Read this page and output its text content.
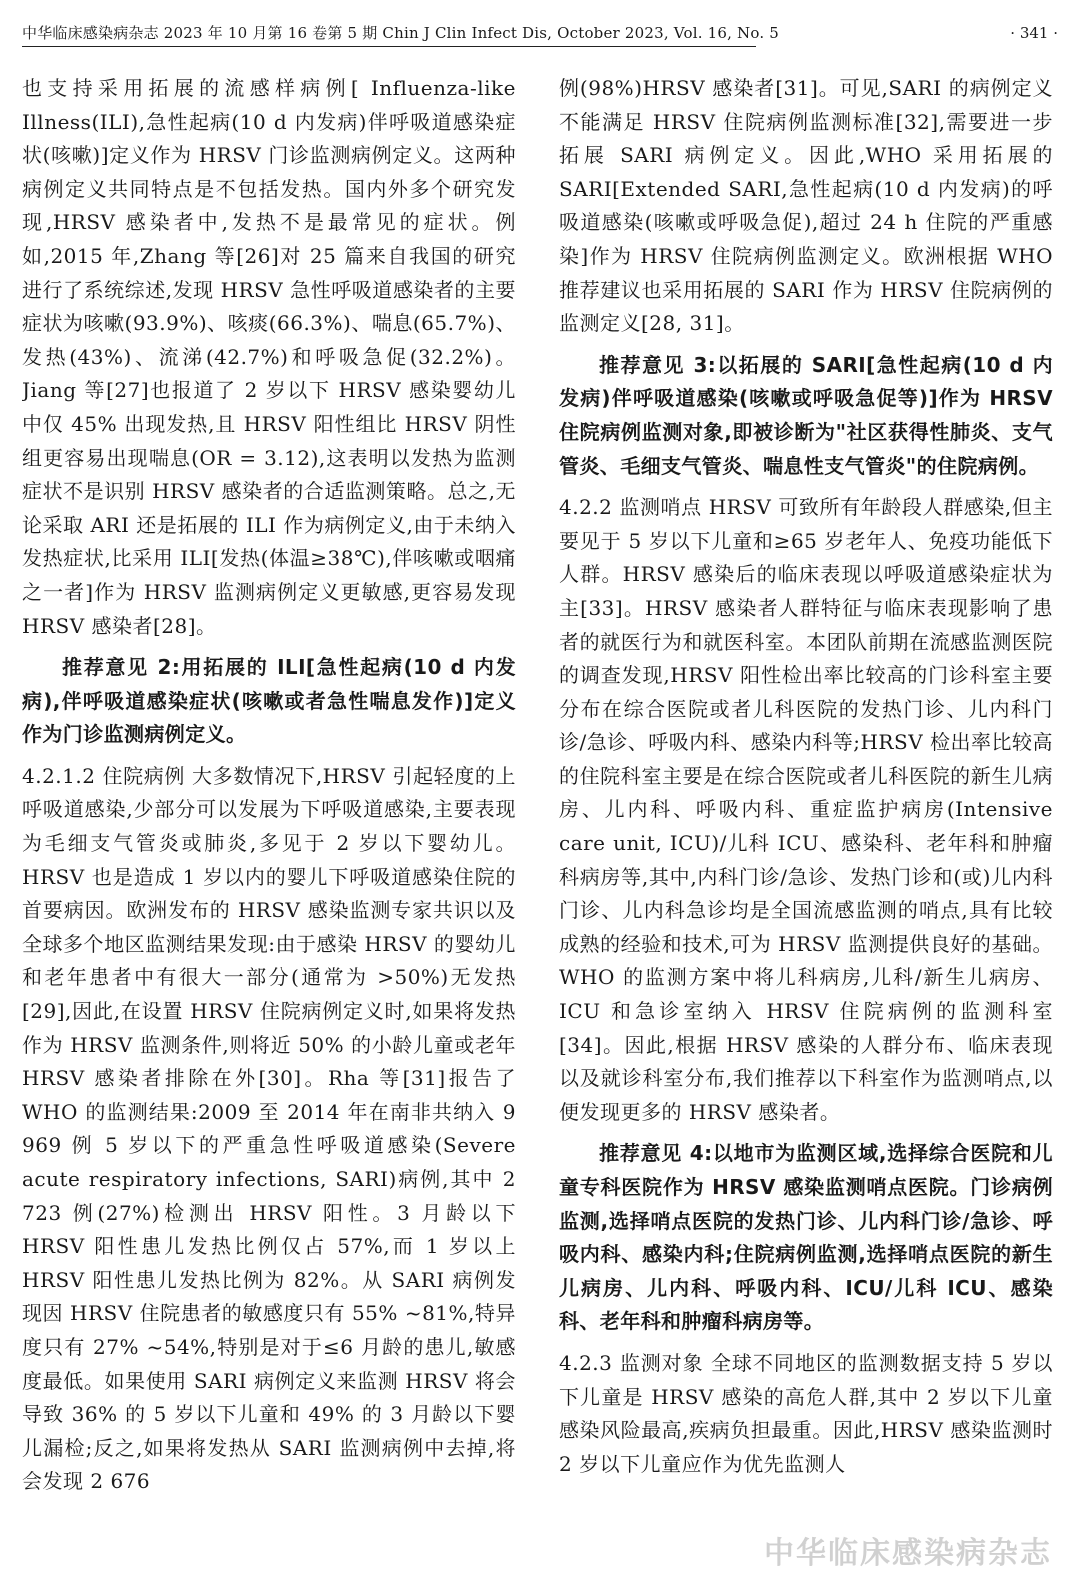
中华临床感染病杂志 2023 年 10 月第 16 卷第 5 期 Chin J Clin Infect Dis, October 2023, Vol. 16, No. 5	· 341 ·

也支持采用拓展的流感样病例[ Influenza-like Illness(ILI),急性起病(10 d 内发病)伴呼吸道感染症状(咳嗽)]定义作为 HRSV 门诊监测病例定义。这两种病例定义共同特点是不包括发热。国内外多个研究发现,HRSV 感染者中,发热不是最常见的症状。例如,2015 年,Zhang 等[26]对 25 篇来自我国的研究进行了系统综述,发现 HRSV 急性呼吸道感染者的主要症状为咳嗽(93.9%)、咳痰(66.3%)、喘息(65.7%)、发热(43%)、流涕(42.7%)和呼吸急促(32.2%)。Jiang 等[27]也报道了 2 岁以下 HRSV 感染婴幼儿中仅 45% 出现发热,且 HRSV 阳性组比 HRSV 阴性组更容易出现喘息(OR = 3.12),这表明以发热为监测症状不是识别 HRSV 感染者的合适监测策略。总之,无论采取 ARI 还是拓展的 ILI 作为病例定义,由于未纳入发热症状,比采用 ILI[发热(体温≥38℃),伴咳嗽或咽痛之一者]作为 HRSV 监测病例定义更敏感,更容易发现 HRSV 感染者[28]。

推荐意见 2:用拓展的 ILI[急性起病(10 d 内发病),伴呼吸道感染症状(咳嗽或者急性喘息发作)]定义作为门诊监测病例定义。

4.2.1.2 住院病例 大多数情况下,HRSV 引起轻度的上呼吸道感染,少部分可以发展为下呼吸道感染,主要表现为毛细支气管炎或肺炎,多见于 2 岁以下婴幼儿。HRSV 也是造成 1 岁以内的婴儿下呼吸道感染住院的首要病因。欧洲发布的 HRSV 感染监测专家共识以及全球多个地区监测结果发现:由于感染 HRSV 的婴幼儿和老年患者中有很大一部分(通常为 >50%)无发热[29],因此,在设置 HRSV 住院病例定义时,如果将发热作为 HRSV 监测条件,则将近 50% 的小龄儿童或老年 HRSV 感染者排除在外[30]。Rha 等[31]报告了 WHO 的监测结果:2009 至 2014 年在南非共纳入 9 969 例 5 岁以下的严重急性呼吸道感染(Severe acute respiratory infections, SARI)病例,其中 2 723 例(27%)检测出 HRSV 阳性。3 月龄以下 HRSV 阳性患儿发热比例仅占 57%,而 1 岁以上 HRSV 阳性患儿发热比例为 82%。从 SARI 病例发现因 HRSV 住院患者的敏感度只有 55% ~81%,特异度只有 27% ~54%,特别是对于≤6 月龄的患儿,敏感度最低。如果使用 SARI 病例定义来监测 HRSV 将会导致 36% 的 5 岁以下儿童和 49% 的 3 月龄以下婴儿漏检;反之,如果将发热从 SARI 监测病例中去掉,将会发现 2 676

例(98%)HRSV 感染者[31]。可见,SARI 的病例定义不能满足 HRSV 住院病例监测标准[32],需要进一步拓展 SARI 病例定义。因此,WHO 采用拓展的 SARI[Extended SARI,急性起病(10 d 内发病)的呼吸道感染(咳嗽或呼吸急促),超过 24 h 住院的严重感染]作为 HRSV 住院病例监测定义。欧洲根据 WHO 推荐建议也采用拓展的 SARI 作为 HRSV 住院病例的监测定义[28, 31]。

推荐意见 3:以拓展的 SARI[急性起病(10 d 内发病)伴呼吸道感染(咳嗽或呼吸急促等)]作为 HRSV 住院病例监测对象,即被诊断为"社区获得性肺炎、支气管炎、毛细支气管炎、喘息性支气管炎"的住院病例。

4.2.2 监测哨点 HRSV 可致所有年龄段人群感染,但主要见于 5 岁以下儿童和≥65 岁老年人、免疫功能低下人群。HRSV 感染后的临床表现以呼吸道感染症状为主[33]。HRSV 感染者人群特征与临床表现影响了患者的就医行为和就医科室。本团队前期在流感监测医院的调查发现,HRSV 阳性检出率比较高的门诊科室主要分布在综合医院或者儿科医院的发热门诊、儿内科门诊/急诊、呼吸内科、感染内科等;HRSV 检出率比较高的住院科室主要是在综合医院或者儿科医院的新生儿病房、儿内科、呼吸内科、重症监护病房(Intensive care unit, ICU)/儿科 ICU、感染科、老年科和肿瘤科病房等,其中,内科门诊/急诊、发热门诊和(或)儿内科门诊、儿内科急诊均是全国流感监测的哨点,具有比较成熟的经验和技术,可为 HRSV 监测提供良好的基础。WHO 的监测方案中将儿科病房,儿科/新生儿病房、ICU 和急诊室纳入 HRSV 住院病例的监测科室[34]。因此,根据 HRSV 感染的人群分布、临床表现以及就诊科室分布,我们推荐以下科室作为监测哨点,以便发现更多的 HRSV 感染者。

推荐意见 4:以地市为监测区域,选择综合医院和儿童专科医院作为 HRSV 感染监测哨点医院。门诊病例监测,选择哨点医院的发热门诊、儿内科门诊/急诊、呼吸内科、感染内科;住院病例监测,选择哨点医院的新生儿病房、儿内科、呼吸内科、ICU/儿科 ICU、感染科、老年科和肿瘤科病房等。

4.2.3 监测对象 全球不同地区的监测数据支持 5 岁以下儿童是 HRSV 感染的高危人群,其中 2 岁以下儿童感染风险最高,疾病负担最重。因此,HRSV 感染监测时 2 岁以下儿童应作为优先监测人

中华临床感染病杂志
